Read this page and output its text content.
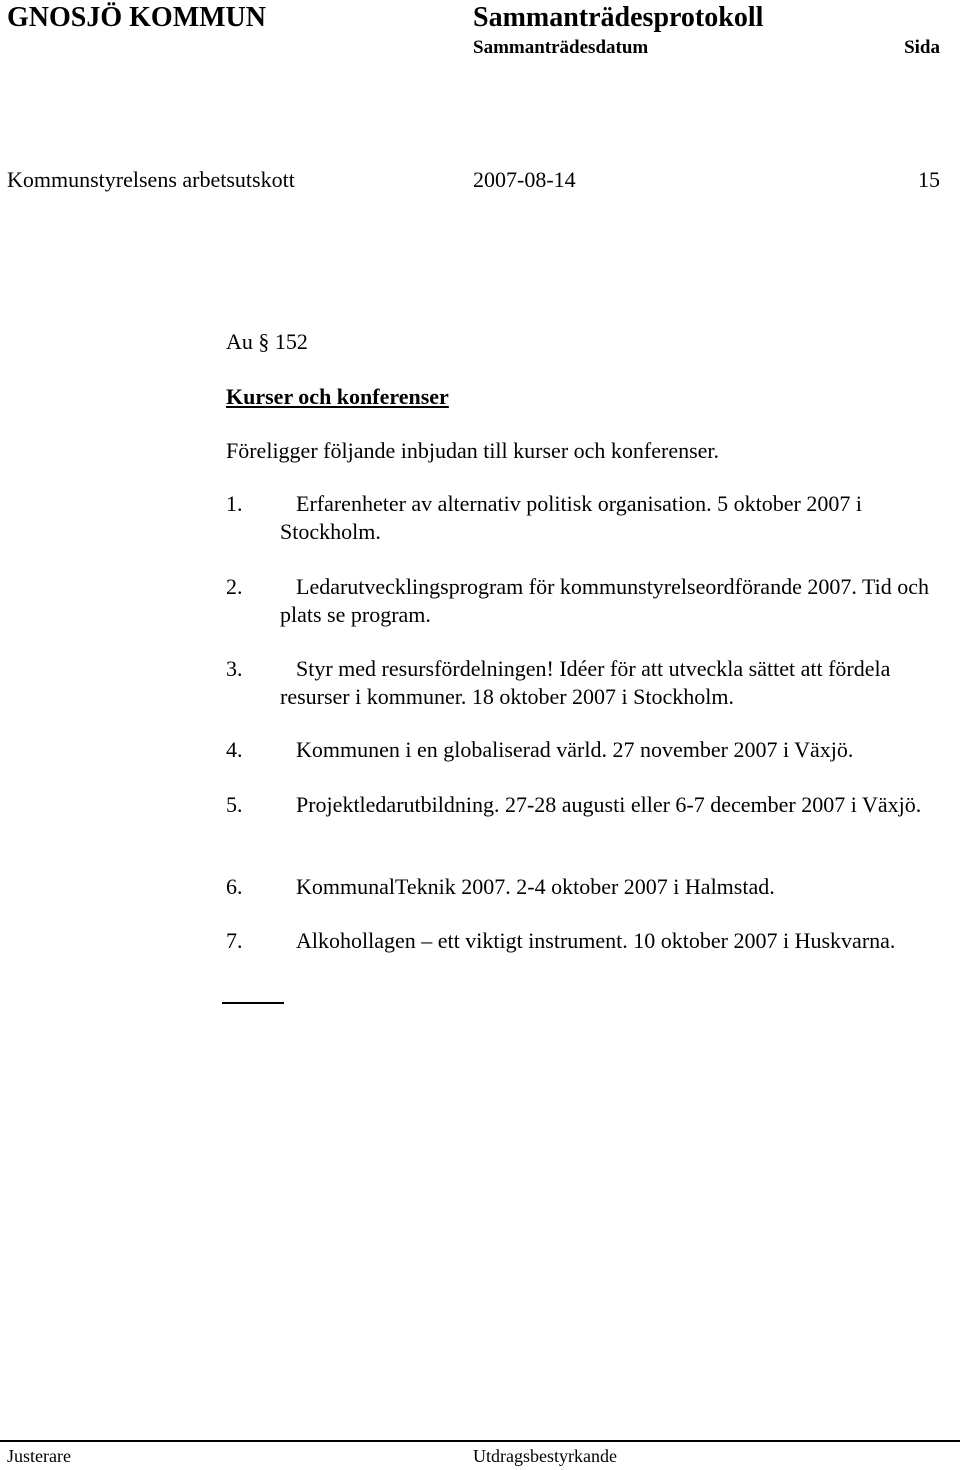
GNOSJÖ KOMMUN	Sammanträdesprotokoll
Sammanträdesdatum	Sida
Kommunstyrelsens arbetsutskott	2007-08-14	15
Au § 152
Kurser och konferenser
Föreligger följande inbjudan till kurser och konferenser.
1.	Erfarenheter av alternativ politisk organisation. 5 oktober 2007 i Stockholm.
2.	Ledarutvecklingsprogram för kommunstyrelseordförande 2007. Tid och plats se program.
3.	Styr med resursfördelningen! Idéer för att utveckla sättet att fördela resurser i kommuner. 18 oktober 2007 i Stockholm.
4.	Kommunen i en globaliserad värld. 27 november 2007 i Växjö.
5.	Projektledarutbildning. 27-28 augusti eller 6-7 december 2007 i Växjö.
6.	KommunalTeknik 2007. 2-4 oktober 2007 i Halmstad.
7.	Alkohollagen – ett viktigt instrument. 10 oktober 2007 i Huskvarna.
Justerare	Utdragsbestyrkande
